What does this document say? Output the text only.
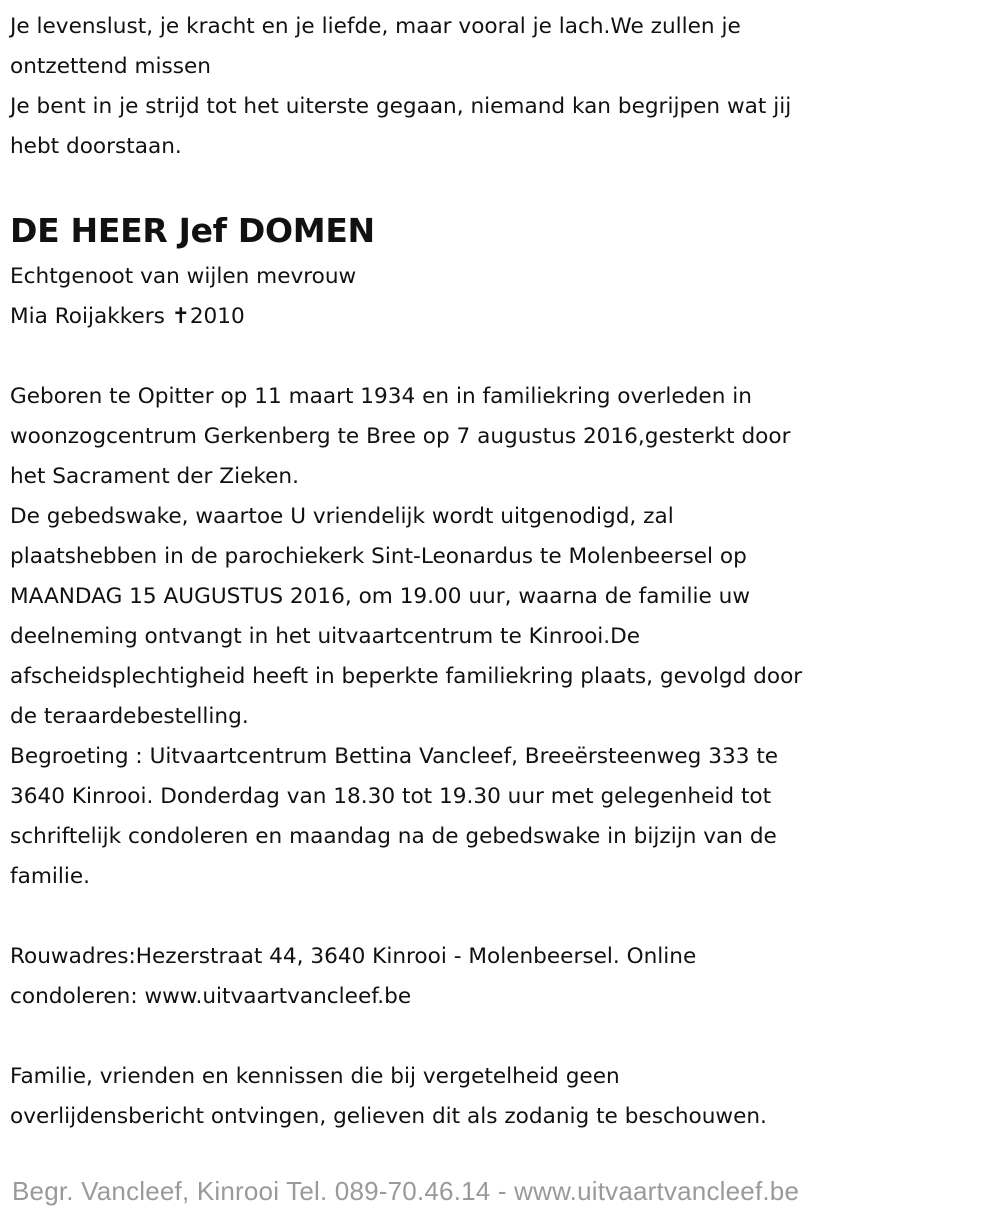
Je levenslust, je kracht en je liefde, maar vooral je lach.We zullen je
ontzettend missen
Je bent in je strijd tot het uiterste gegaan, niemand kan begrijpen wat jij
hebt doorstaan.
DE HEER Jef DOMEN
Echtgenoot van wijlen mevrouw
Mia Roijakkers ✝2010
Geboren te Opitter op 11 maart 1934 en in familiekring overleden in
woonzogcentrum Gerkenberg te Bree op 7 augustus 2016,gesterkt door
het Sacrament der Zieken.
De gebedswake, waartoe U vriendelijk wordt uitgenodigd, zal
plaatshebben in de parochiekerk Sint-Leonardus te Molenbeersel op
MAANDAG 15 AUGUSTUS 2016, om 19.00 uur, waarna de familie uw
deelneming ontvangt in het uitvaartcentrum te Kinrooi.De
afscheidsplechtigheid heeft in beperkte familiekring plaats, gevolgd door
de teraardebestelling.
Begroeting : Uitvaartcentrum Bettina Vancleef, Breeërsteenweg 333 te
3640 Kinrooi. Donderdag van 18.30 tot 19.30 uur met gelegenheid tot
schriftelijk condoleren en maandag na de gebedswake in bijzijn van de
familie.
Rouwadres:Hezerstraat 44, 3640 Kinrooi - Molenbeersel. Online
condoleren: www.uitvaartvancleef.be
Familie, vrienden en kennissen die bij vergetelheid geen
overlijdensbericht ontvingen, gelieven dit als zodanig te beschouwen.
Begr. Vancleef, Kinrooi Tel. 089-70.46.14 - www.uitvaartvancleef.be
